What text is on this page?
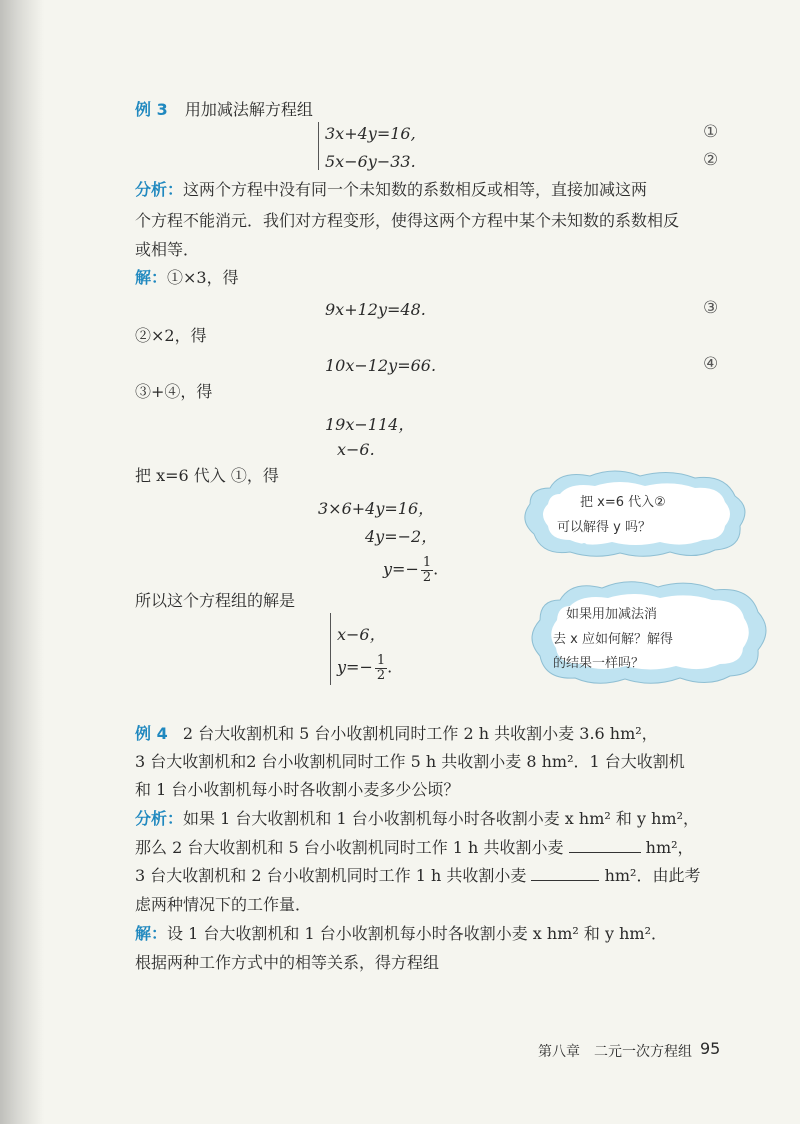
例 3 用加减法解方程组
3x+4y=16,	①
5x−6y−33.	②
分析：这两个方程中没有同一个未知数的系数相反或相等，直接加减这两
个方程不能消元．我们对方程变形，使得这两个方程中某个未知数的系数相反
或相等．
解：①×3，得
9x+12y=48.	③
②×2，得
10x−12y=66.	④
③+④，得
19x−114，
x−6.
把 x=6 代入 ①，得
3×6+4y=16，
4y=−2，
$y=- \frac{1}{2}$ .
所以这个方程组的解是
x−6，
$y=- \frac{1}{2}$ .
把 x=6 代入②
可以解得 y 吗？
如果用加减法消
去 x 应如何解？解得
的结果一样吗？
例 4 2 台大收割机和 5 台小收割机同时工作 2 h 共收割小麦 3.6 hm²，
3 台大收割机和2 台小收割机同时工作 5 h 共收割小麦 8 hm²．1 台大收割机
和 1 台小收割机每小时各收割小麦多少公顷？
分析：如果 1 台大收割机和 1 台小收割机每小时各收割小麦 x hm² 和 y hm²，
那么 2 台大收割机和 5 台小收割机同时工作 1 h 共收割小麦	hm²，
3 台大收割机和 2 台小收割机同时工作 1 h 共收割小麦	hm²．由此考
虑两种情况下的工作量．
解：设 1 台大收割机和 1 台小收割机每小时各收割小麦 x hm² 和 y hm²．
根据两种工作方式中的相等关系，得方程组
第八章　二元一次方程组 95
